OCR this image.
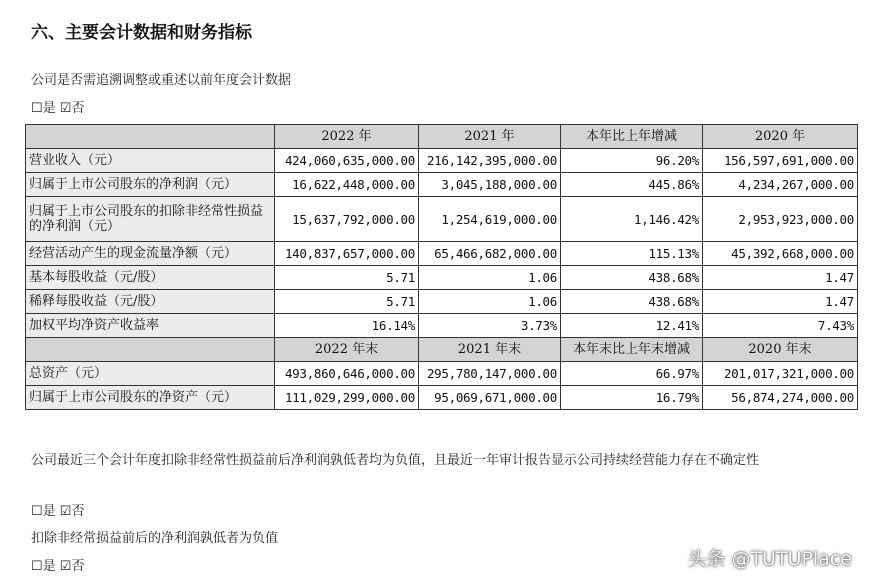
六、主要会计数据和财务指标
公司是否需追溯调整或重述以前年度会计数据
☐是 ☑否
	2022 年	2021 年	本年比上年增减	2020 年
营业收入（元）	424,060,635,000.00	216,142,395,000.00	96.20%	156,597,691,000.00
归属于上市公司股东的净利润（元）	16,622,448,000.00	3,045,188,000.00	445.86%	4,234,267,000.00
归属于上市公司股东的扣除非经常性损益的净利润（元）	15,637,792,000.00	1,254,619,000.00	1,146.42%	2,953,923,000.00
经营活动产生的现金流量净额（元）	140,837,657,000.00	65,466,682,000.00	115.13%	45,392,668,000.00
基本每股收益（元/股）	5.71	1.06	438.68%	1.47
稀释每股收益（元/股）	5.71	1.06	438.68%	1.47
加权平均净资产收益率	16.14%	3.73%	12.41%	7.43%
	2022 年末	2021 年末	本年末比上年末增减	2020 年末
总资产（元）	493,860,646,000.00	295,780,147,000.00	66.97%	201,017,321,000.00
归属于上市公司股东的净资产（元）	111,029,299,000.00	95,069,671,000.00	16.79%	56,874,274,000.00
公司最近三个会计年度扣除非经常性损益前后净利润孰低者均为负值，且最近一年审计报告显示公司持续经营能力存在不确定性
☐是 ☑否
扣除非经常损益前后的净利润孰低者为负值
☐是 ☑否	头条 @TUTUPlace
